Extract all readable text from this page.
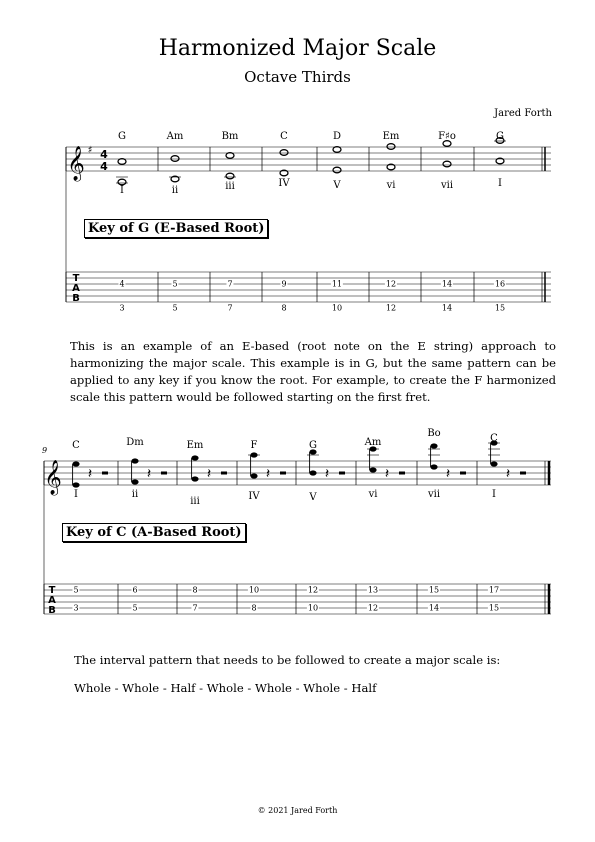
Harmonized Major Scale
Octave Thirds
Jared Forth
𝄞 ♯ 4
4
T
A
B
𝄞 𝄽	𝄽	𝄽	𝄽	𝄽	𝄽	𝄽	𝄽
T
A
B
G	Am	Bm	C	D	Em	F♯o	G
I	ii	iii	IV	V	vi	vii	I
Key of G (E-Based Root)
4	5	7	9	11	12	14	16
3	5	7	8	10	12	14	15
This is an example of an E-based (root note on the E string) approach to harmonizing the major scale. This example is in G, but the same pattern can be applied to any key if you know the root. For example, to create the F harmonized scale this pattern would be followed starting on the first fret.
9	C	Dm	Em	F	G	Am
Bo	C
I	ii
iii	IV	V	vi	vii	I
Key of C (A-Based Root)
5	6	8	10	12	13	15	17
3	5	7	8	10	12	14	15
The interval pattern that needs to be followed to create a major scale is:
Whole - Whole - Half - Whole - Whole - Whole - Half
© 2021 Jared Forth
